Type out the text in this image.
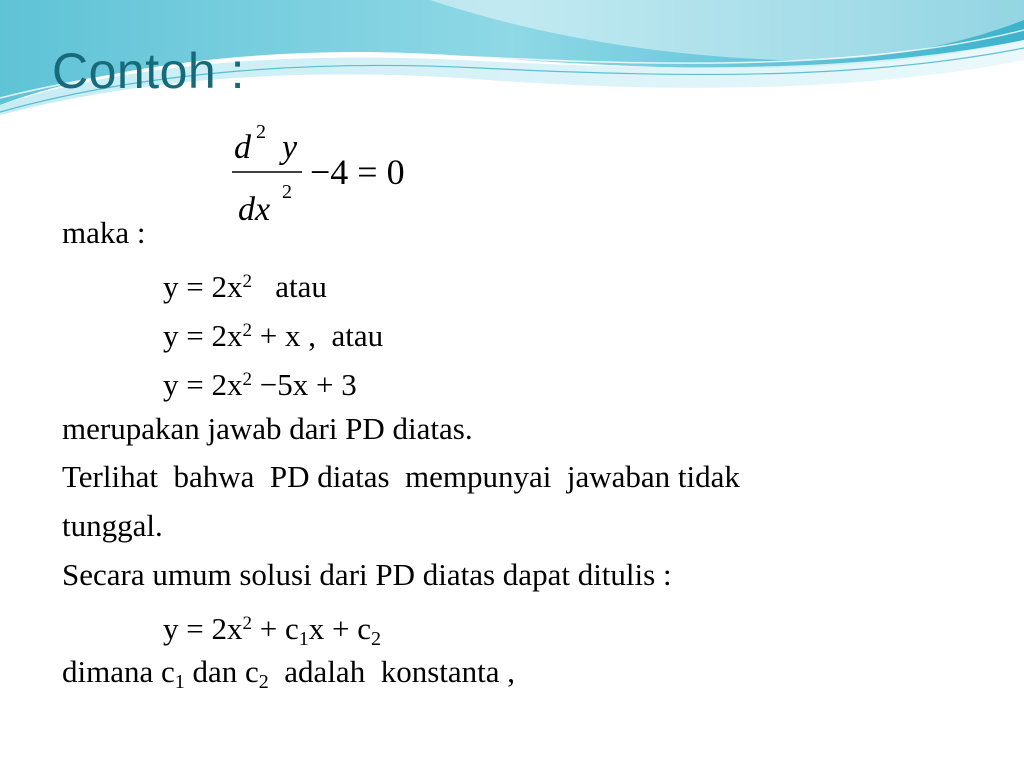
Contoh :
d 2 y
dx 2 −4 = 0
maka :
$y = 2x^2$   atau
$y = 2x^2 + x$ ,  atau
$y = 2x^2 -5x + 3$
merupakan jawab dari PD diatas.
Terlihat  bahwa  PD diatas  mempunyai  jawaban tidak
tunggal.
Secara umum solusi dari PD diatas dapat ditulis :
$y = 2x^2 + c_1x + c_2$
dimana $c_1$ dan $c_2$  adalah  konstanta ,
